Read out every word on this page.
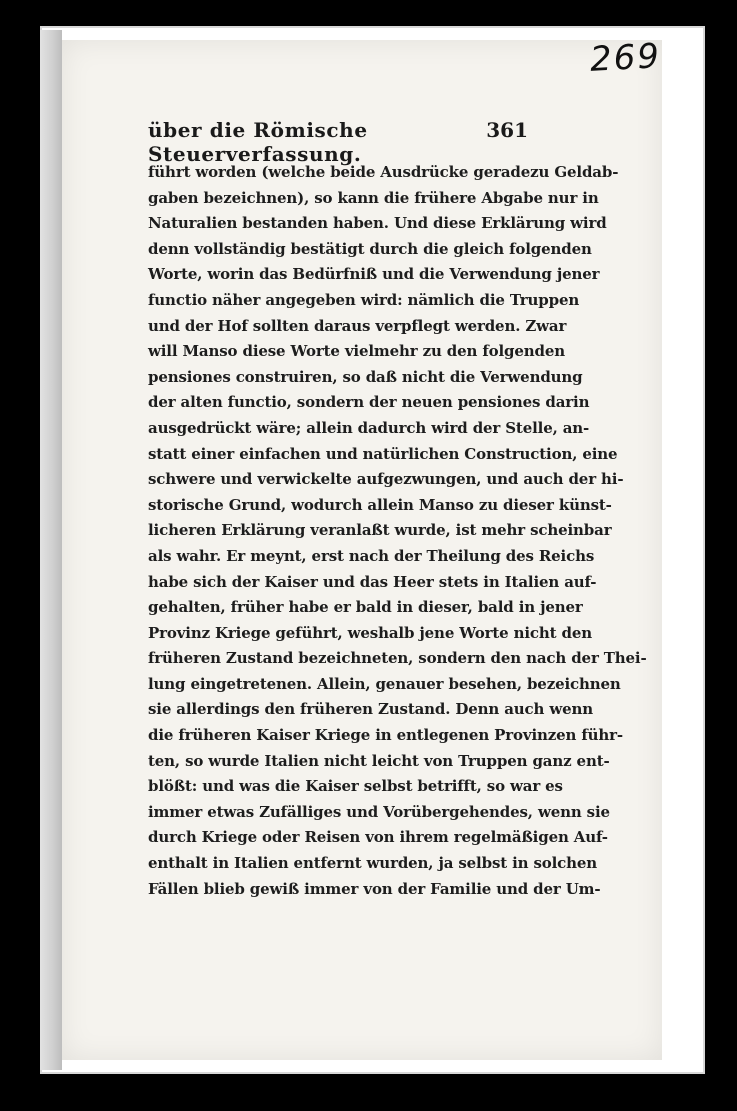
269
über die Römische Steuerverfassung.
361
führt worden (welche beide Ausdrücke geradezu Geldab-
gaben bezeichnen), so kann die frühere Abgabe nur in
Naturalien bestanden haben. Und diese Erklärung wird
denn vollständig bestätigt durch die gleich folgenden
Worte, worin das Bedürfniß und die Verwendung jener
functio näher angegeben wird: nämlich die Truppen
und der Hof sollten daraus verpflegt werden. Zwar
will Manso diese Worte vielmehr zu den folgenden
pensiones construiren, so daß nicht die Verwendung
der alten functio, sondern der neuen pensiones darin
ausgedrückt wäre; allein dadurch wird der Stelle, an-
statt einer einfachen und natürlichen Construction, eine
schwere und verwickelte aufgezwungen, und auch der hi-
storische Grund, wodurch allein Manso zu dieser künst-
licheren Erklärung veranlaßt wurde, ist mehr scheinbar
als wahr. Er meynt, erst nach der Theilung des Reichs
habe sich der Kaiser und das Heer stets in Italien auf-
gehalten, früher habe er bald in dieser, bald in jener
Provinz Kriege geführt, weshalb jene Worte nicht den
früheren Zustand bezeichneten, sondern den nach der Thei-
lung eingetretenen. Allein, genauer besehen, bezeichnen
sie allerdings den früheren Zustand. Denn auch wenn
die früheren Kaiser Kriege in entlegenen Provinzen führ-
ten, so wurde Italien nicht leicht von Truppen ganz ent-
blößt: und was die Kaiser selbst betrifft, so war es
immer etwas Zufälliges und Vorübergehendes, wenn sie
durch Kriege oder Reisen von ihrem regelmäßigen Auf-
enthalt in Italien entfernt wurden, ja selbst in solchen
Fällen blieb gewiß immer von der Familie und der Um-
